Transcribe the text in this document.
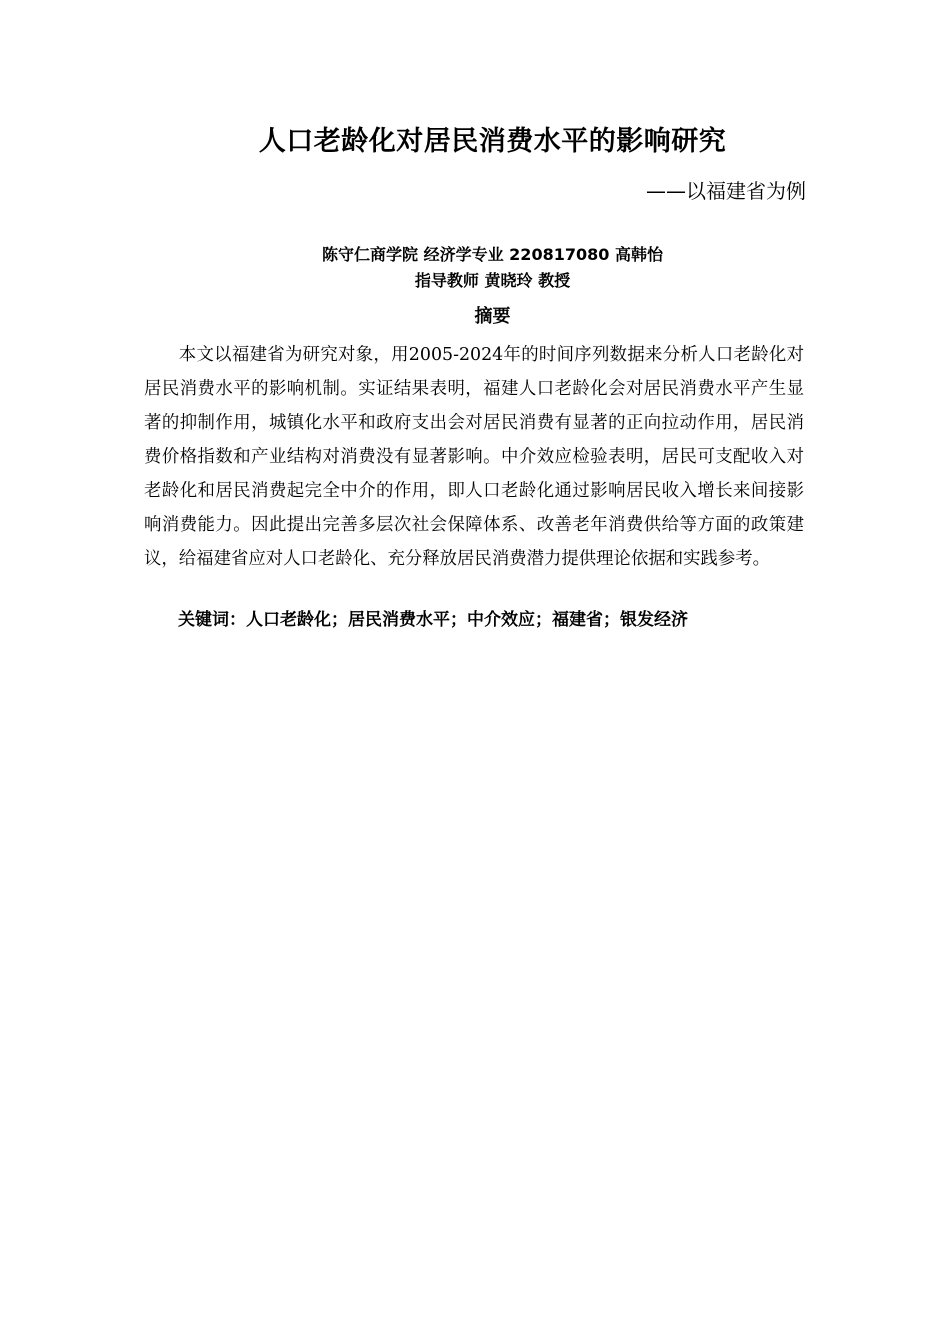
人口老龄化对居民消费水平的影响研究
——以福建省为例
陈守仁商学院 经济学专业 220817080 高韩怡
指导教师 黄晓玲 教授
摘要

本文以福建省为研究对象，用2005-2024年的时间序列数据来分析人口老龄化对居民消费水平的影响机制。实证结果表明，福建人口老龄化会对居民消费水平产生显著的抑制作用，城镇化水平和政府支出会对居民消费有显著的正向拉动作用，居民消费价格指数和产业结构对消费没有显著影响。中介效应检验表明，居民可支配收入对老龄化和居民消费起完全中介的作用，即人口老龄化通过影响居民收入增长来间接影响消费能力。因此提出完善多层次社会保障体系、改善老年消费供给等方面的政策建议，给福建省应对人口老龄化、充分释放居民消费潜力提供理论依据和实践参考。

关键词：人口老龄化；居民消费水平；中介效应；福建省；银发经济
